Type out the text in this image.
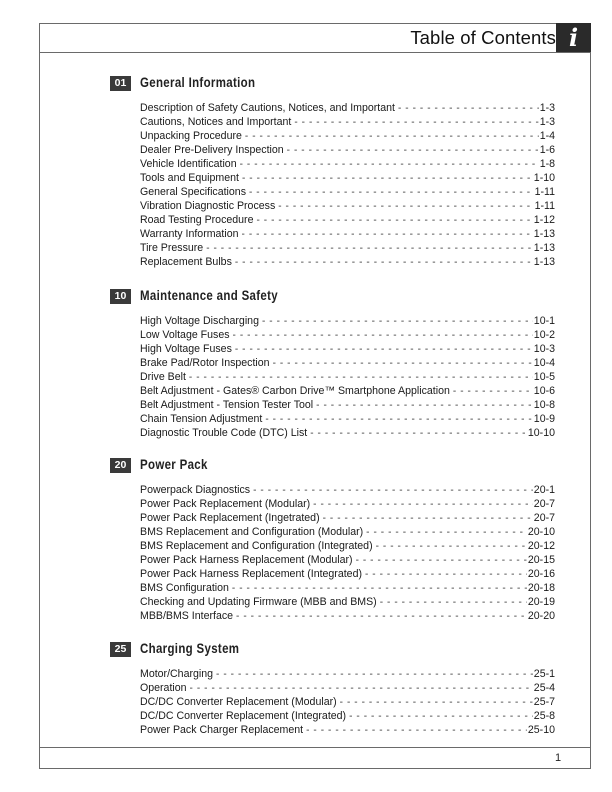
Table of Contents i
01 General Information
Description of Safety Cautions, Notices, and Important - - -	1-3
Cautions, Notices and Important - - -	1-3
Unpacking Procedure - - -	1-4
Dealer Pre-Delivery Inspection - - -	1-6
Vehicle Identification - - -	1-8
Tools and Equipment - - -	1-10
General Specifications - - -	1-11
Vibration Diagnostic Process - - -	1-11
Road Testing Procedure - - -	1-12
Warranty Information - - -	1-13
Tire Pressure - - -	1-13
Replacement Bulbs - - -	1-13
10 Maintenance and Safety
High Voltage Discharging - - -	10-1
Low Voltage Fuses - - -	10-2
High Voltage Fuses - - -	10-3
Brake Pad/Rotor Inspection - - -	10-4
Drive Belt - - -	10-5
Belt Adjustment - Gates® Carbon Drive™ Smartphone Application - - -	10-6
Belt Adjustment - Tension Tester Tool - - -	10-8
Chain Tension Adjustment - - -	10-9
Diagnostic Trouble Code (DTC) List - - -	10-10
20 Power Pack
Powerpack Diagnostics - - -	20-1
Power Pack Replacement (Modular) - - -	20-7
Power Pack Replacement (Ingetrated) - - -	20-7
BMS Replacement and Configuration (Modular) - - -	20-10
BMS Replacement and Configuration (Integrated) - - -	20-12
Power Pack Harness Replacement (Modular) - - -	20-15
Power Pack Harness Replacement (Integrated) - - -	20-16
BMS Configuration - - -	20-18
Checking and Updating Firmware (MBB and BMS) - - -	20-19
MBB/BMS Interface - - -	20-20
25 Charging System
Motor/Charging - - -	25-1
Operation - - -	25-4
DC/DC Converter Replacement (Modular) - - -	25-7
DC/DC Converter Replacement (Integrated) - - -	25-8
Power Pack Charger Replacement - - -	25-10
1
